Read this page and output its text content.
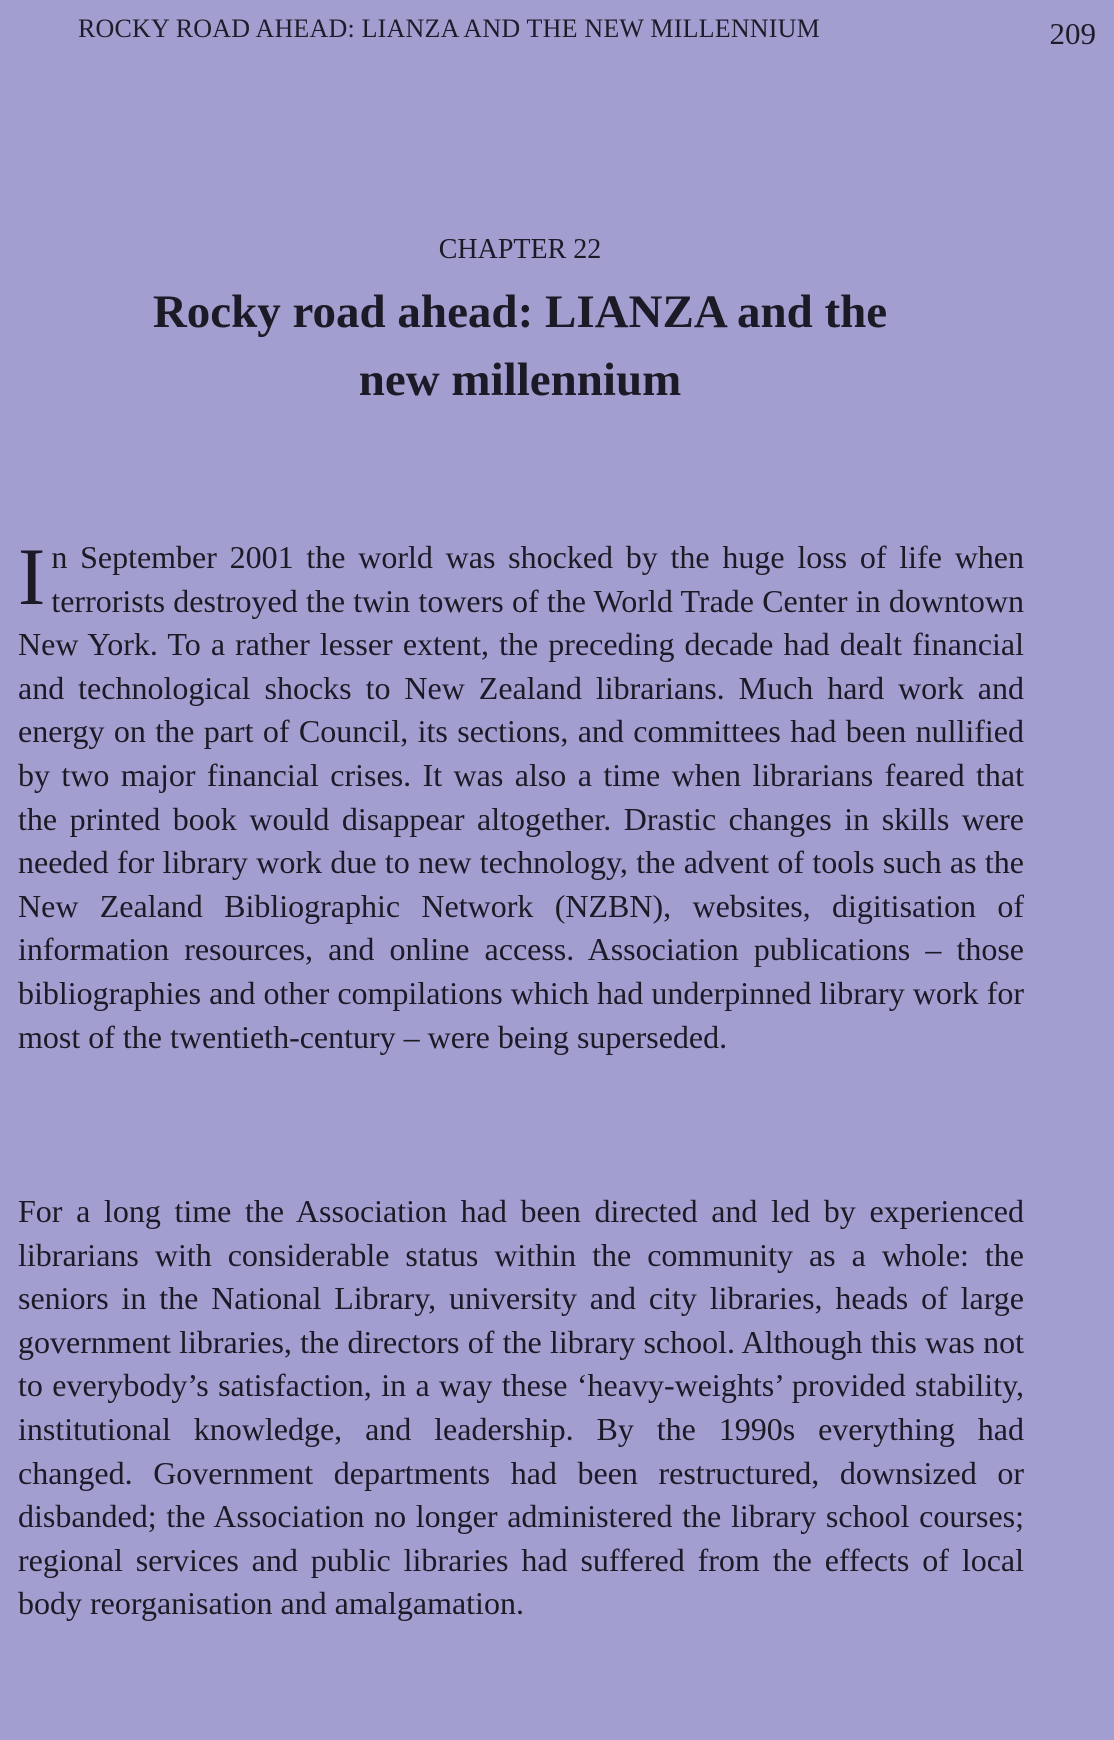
ROCKY ROAD AHEAD: LIANZA AND THE NEW MILLENNIUM	209
CHAPTER 22
Rocky road ahead: LIANZA and the
new millennium

In September 2001 the world was shocked by the huge loss of life when terrorists destroyed the twin towers of the World Trade Center in downtown New York. To a rather lesser extent, the preceding decade had dealt financial and technological shocks to New Zealand librarians. Much hard work and energy on the part of Council, its sections, and committees had been nullified by two major financial crises. It was also a time when librarians feared that the printed book would disappear altogether. Drastic changes in skills were needed for library work due to new technology, the advent of tools such as the New Zealand Bibliographic Network (NZBN), websites, digitisation of information resources, and online access. Association publications – those bibliographies and other compilations which had underpinned library work for most of the twentieth-century – were being superseded.

For a long time the Association had been directed and led by experienced librarians with considerable status within the community as a whole: the seniors in the National Library, university and city libraries, heads of large government libraries, the directors of the library school. Although this was not to everybody’s satisfaction, in a way these ‘heavy-weights’ provided stability, institutional knowledge, and leadership. By the 1990s everything had changed. Government departments had been restructured, downsized or disbanded; the Association no longer administered the library school courses; regional services and public libraries had suffered from the effects of local body reorganisation and amalgamation.
